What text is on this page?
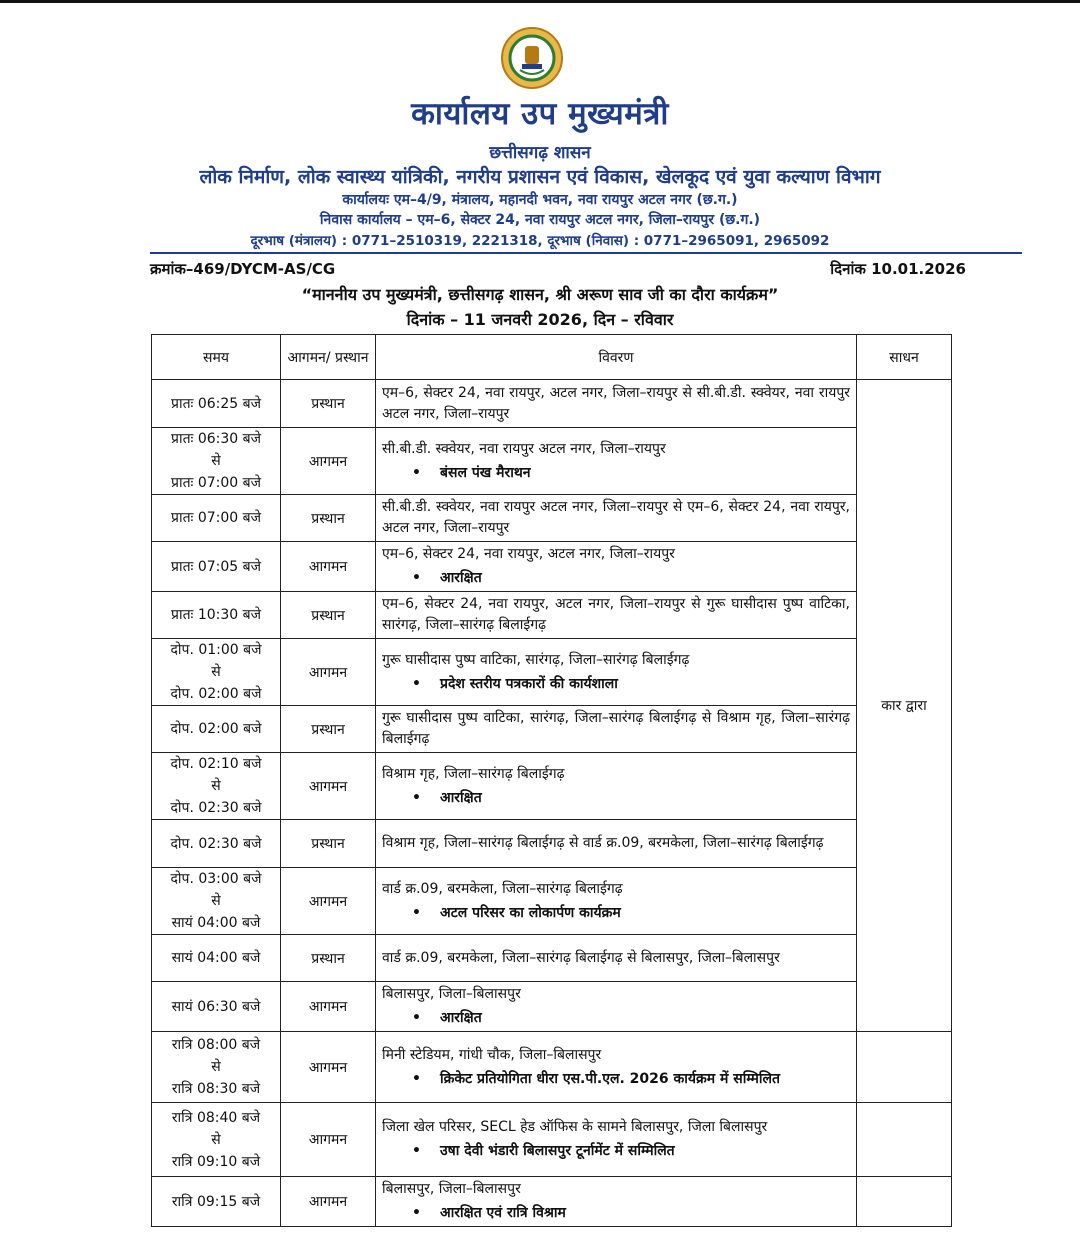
कार्यालय उप मुख्यमंत्री
छत्तीसगढ़ शासन
लोक निर्माण, लोक स्वास्थ्य यांत्रिकी, नगरीय प्रशासन एवं विकास, खेलकूद एवं युवा कल्याण विभाग
कार्यालयः एम–4/9, मंत्रालय, महानदी भवन, नवा रायपुर अटल नगर (छ.ग.)
निवास कार्यालय – एम–6, सेक्टर 24, नवा रायपुर अटल नगर, जिला–रायपुर (छ.ग.)
दूरभाष (मंत्रालय) : 0771–2510319, 2221318, दूरभाष (निवास) : 0771–2965091, 2965092
क्रमांक–469/DYCM-AS/CG	दिनांक 10.01.2026
“माननीय उप मुख्यमंत्री, छत्तीसगढ़ शासन, श्री अरूण साव जी का दौरा कार्यक्रम”
दिनांक – 11 जनवरी 2026, दिन – रविवार
समय	आगमन/ प्रस्थान	विवरण	साधन

प्रातः 06:25 बजे	प्रस्थान	एम–6, सेक्टर 24, नवा रायपुर, अटल नगर, जिला–रायपुर से सी.बी.डी. स्क्वेयर, नवा रायपुर अटल नगर, जिला–रायपुर	कार द्वारा

प्रातः 06:30 बजे
से
प्रातः 07:00 बजे	आगमन	सी.बी.डी. स्क्वेयर, नवा रायपुर अटल नगर, जिला–रायपुर
• बंसल पंख मैराथन	

प्रातः 07:00 बजे	प्रस्थान	सी.बी.डी. स्क्वेयर, नवा रायपुर अटल नगर, जिला–रायपुर से एम–6, सेक्टर 24, नवा रायपुर, अटल नगर, जिला–रायपुर	

प्रातः 07:05 बजे	आगमन	एम–6, सेक्टर 24, नवा रायपुर, अटल नगर, जिला–रायपुर
• आरक्षित	

प्रातः 10:30 बजे	प्रस्थान	एम–6, सेक्टर 24, नवा रायपुर, अटल नगर, जिला–रायपुर से गुरू घासीदास पुष्प वाटिका, सारंगढ़, जिला–सारंगढ़ बिलाईगढ़	

दोप. 01:00 बजे
से
दोप. 02:00 बजे	आगमन	गुरू घासीदास पुष्प वाटिका, सारंगढ़, जिला–सारंगढ़ बिलाईगढ़
• प्रदेश स्तरीय पत्रकारों की कार्यशाला	

दोप. 02:00 बजे	प्रस्थान	गुरू घासीदास पुष्प वाटिका, सारंगढ़, जिला–सारंगढ़ बिलाईगढ़ से विश्राम गृह, जिला–सारंगढ़ बिलाईगढ़	

दोप. 02:10 बजे
से
दोप. 02:30 बजे	आगमन	विश्राम गृह, जिला–सारंगढ़ बिलाईगढ़
• आरक्षित	

दोप. 02:30 बजे	प्रस्थान	विश्राम गृह, जिला–सारंगढ़ बिलाईगढ़ से वार्ड क्र.09, बरमकेला, जिला–सारंगढ़ बिलाईगढ़	

दोप. 03:00 बजे
से
सायं 04:00 बजे	आगमन	वार्ड क्र.09, बरमकेला, जिला–सारंगढ़ बिलाईगढ़
• अटल परिसर का लोकार्पण कार्यक्रम	

सायं 04:00 बजे	प्रस्थान	वार्ड क्र.09, बरमकेला, जिला–सारंगढ़ बिलाईगढ़ से बिलासपुर, जिला–बिलासपुर	

सायं 06:30 बजे	आगमन	बिलासपुर, जिला–बिलासपुर
• आरक्षित	

रात्रि 08:00 बजे
से
रात्रि 08:30 बजे	आगमन	मिनी स्टेडियम, गांधी चौक, जिला–बिलासपुर
• क्रिकेट प्रतियोगिता धीरा एस.पी.एल. 2026 कार्यक्रम में सम्मिलित	

रात्रि 08:40 बजे
से
रात्रि 09:10 बजे	आगमन	जिला खेल परिसर, SECL हेड ऑफिस के सामने बिलासपुर, जिला बिलासपुर
• उषा देवी भंडारी बिलासपुर टूर्नामेंट में सम्मिलित	

रात्रि 09:15 बजे	आगमन	बिलासपुर, जिला–बिलासपुर
• आरक्षित एवं रात्रि विश्राम	
